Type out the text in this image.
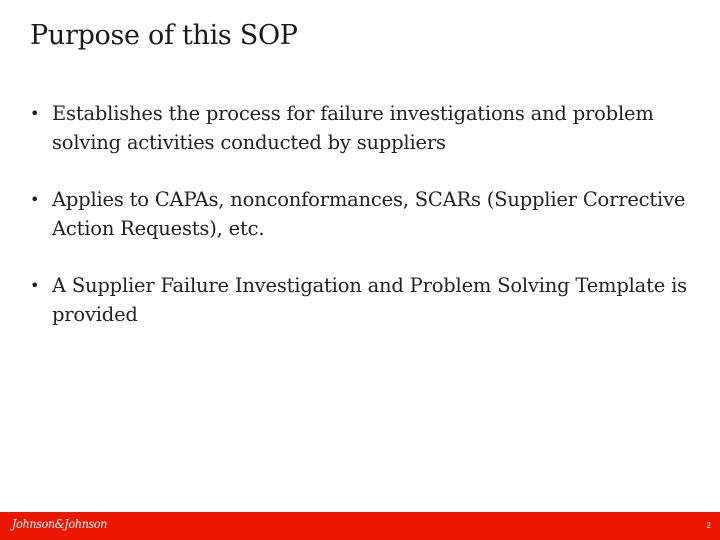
Purpose of this SOP
• Establishes the process for failure investigations and problem solving activities conducted by suppliers
• Applies to CAPAs, nonconformances, SCARs (Supplier Corrective Action Requests), etc.
• A Supplier Failure Investigation and Problem Solving Template is provided
Johnson&Johnson	2
